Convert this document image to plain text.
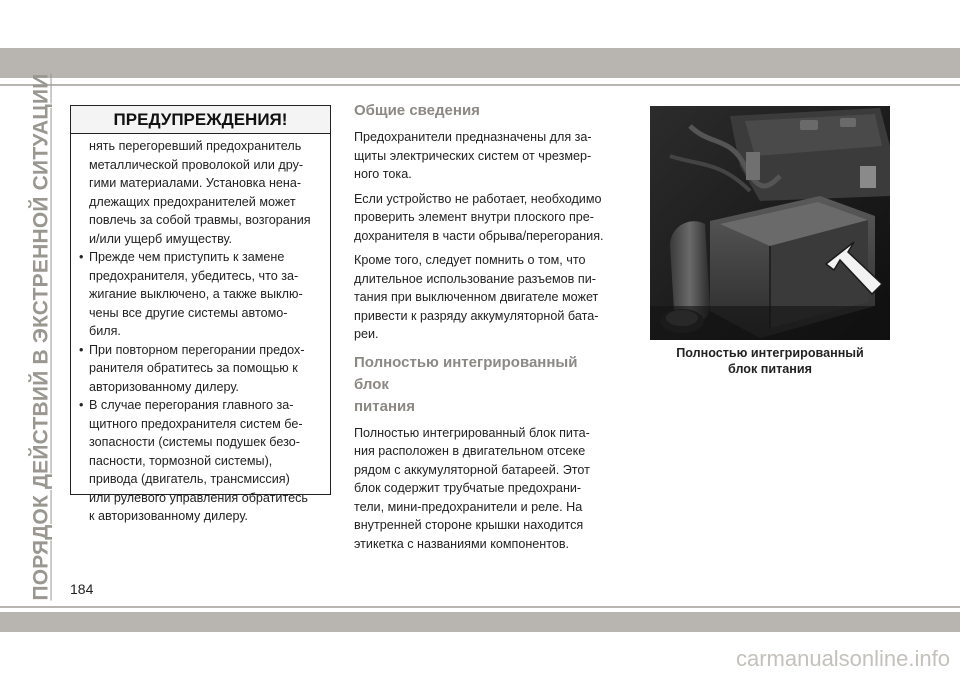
ПОРЯДОК ДЕЙСТВИЙ В ЭКСТРЕННОЙ СИТУАЦИИ	ПРЕДУПРЕЖДЕНИЯ!

нять перегоревший предохранитель
металлической проволокой или дру-
гими материалами. Установка нена-
длежащих предохранителей может
повлечь за собой травмы, возгорания
и/или ущерб имуществу.

• Прежде чем приступить к замене
предохранителя, убедитесь, что за-
жигание выключено, а также выклю-
чены все другие системы автомо-
биля.
• При повторном перегорании предох-
ранителя обратитесь за помощью к
авторизованному дилеру.
• В случае перегорания главного за-
щитного предохранителя систем бе-
зопасности (системы подушек безо-
пасности, тормозной системы),
привода (двигатель, трансмиссия)
или рулевого управления обратитесь
к авторизованному дилеру.
Общие сведения

Предохранители предназначены для за-
щиты электрических систем от чрезмер-
ного тока.

Если устройство не работает, необходимо
проверить элемент внутри плоского пре-
дохранителя в части обрыва/перегорания.

Кроме того, следует помнить о том, что
длительное использование разъемов пи-
тания при выключенном двигателе может
привести к разряду аккумуляторной бата-
реи.

Полностью интегрированный блок
питания

Полностью интегрированный блок пита-
ния расположен в двигательном отсеке
рядом с аккумуляторной батареей. Этот
блок содержит трубчатые предохрани-
тели, мини-предохранители и реле. На
внутренней стороне крышки находится
этикетка с названиями компонентов.

Полностью интегрированный
блок питания
184
carmanualsonline.info
